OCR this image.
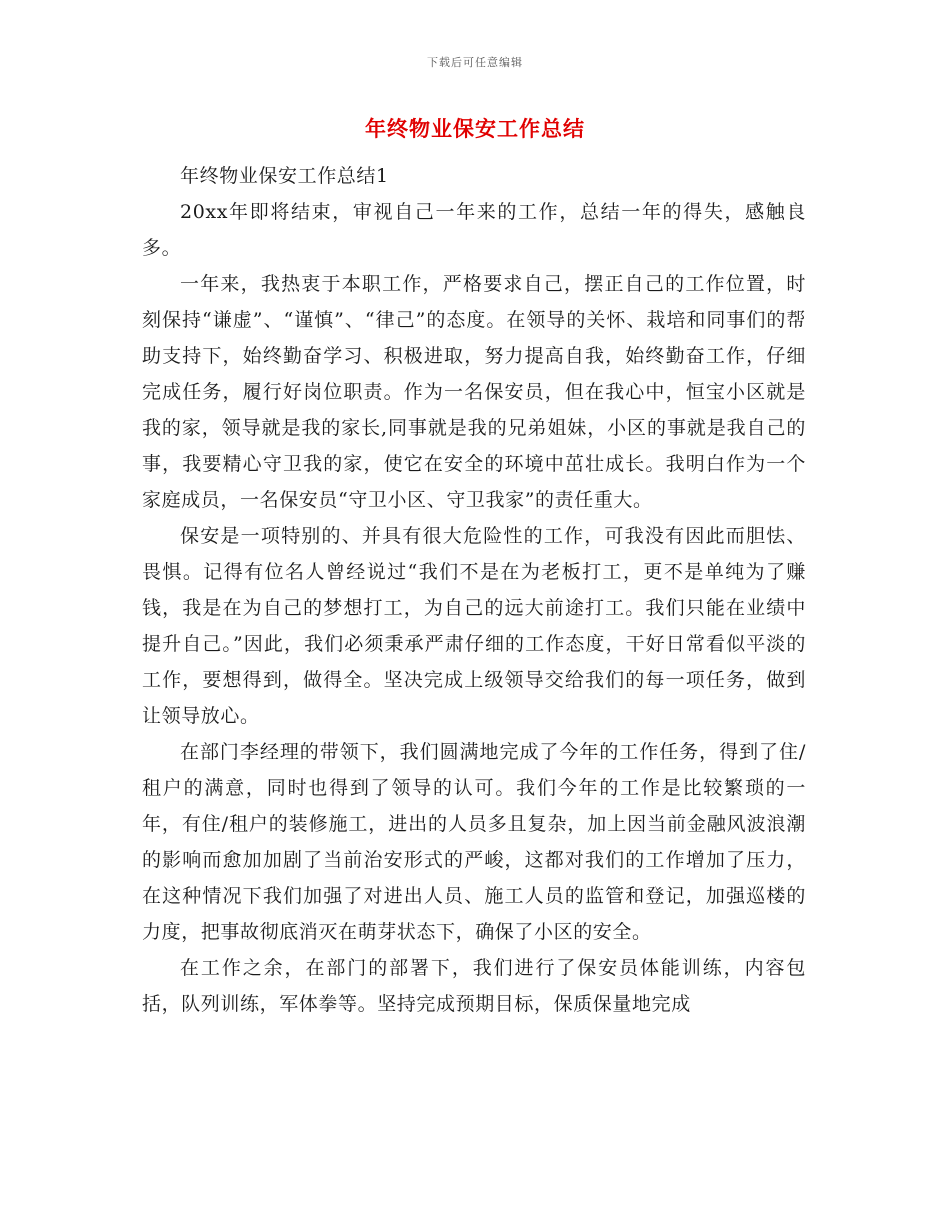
下载后可任意编辑
年终物业保安工作总结

年终物业保安工作总结1

20xx年即将结束，审视自己一年来的工作，总结一年的得失，感触良多。

一年来，我热衷于本职工作，严格要求自己，摆正自己的工作位置，时刻保持“谦虚”、“谨慎”、“律己”的态度。在领导的关怀、栽培和同事们的帮助支持下，始终勤奋学习、积极进取，努力提高自我，始终勤奋工作，仔细完成任务，履行好岗位职责。作为一名保安员，但在我心中，恒宝小区就是我的家，领导就是我的家长,同事就是我的兄弟姐妹，小区的事就是我自己的事，我要精心守卫我的家，使它在安全的环境中茁壮成长。我明白作为一个家庭成员，一名保安员“守卫小区、守卫我家”的责任重大。

保安是一项特别的、并具有很大危险性的工作，可我没有因此而胆怯、畏惧。记得有位名人曾经说过“我们不是在为老板打工，更不是单纯为了赚钱，我是在为自己的梦想打工，为自己的远大前途打工。我们只能在业绩中提升自己。”因此，我们必须秉承严肃仔细的工作态度，干好日常看似平淡的工作，要想得到，做得全。坚决完成上级领导交给我们的每一项任务，做到让领导放心。

在部门李经理的带领下，我们圆满地完成了今年的工作任务，得到了住/租户的满意，同时也得到了领导的认可。我们今年的工作是比较繁琐的一年，有住/租户的装修施工，进出的人员多且复杂，加上因当前金融风波浪潮的影响而愈加加剧了当前治安形式的严峻，这都对我们的工作增加了压力，在这种情况下我们加强了对进出人员、施工人员的监管和登记，加强巡楼的力度，把事故彻底消灭在萌芽状态下，确保了小区的安全。

在工作之余，在部门的部署下，我们进行了保安员体能训练，内容包括，队列训练，军体拳等。坚持完成预期目标，保质保量地完成
